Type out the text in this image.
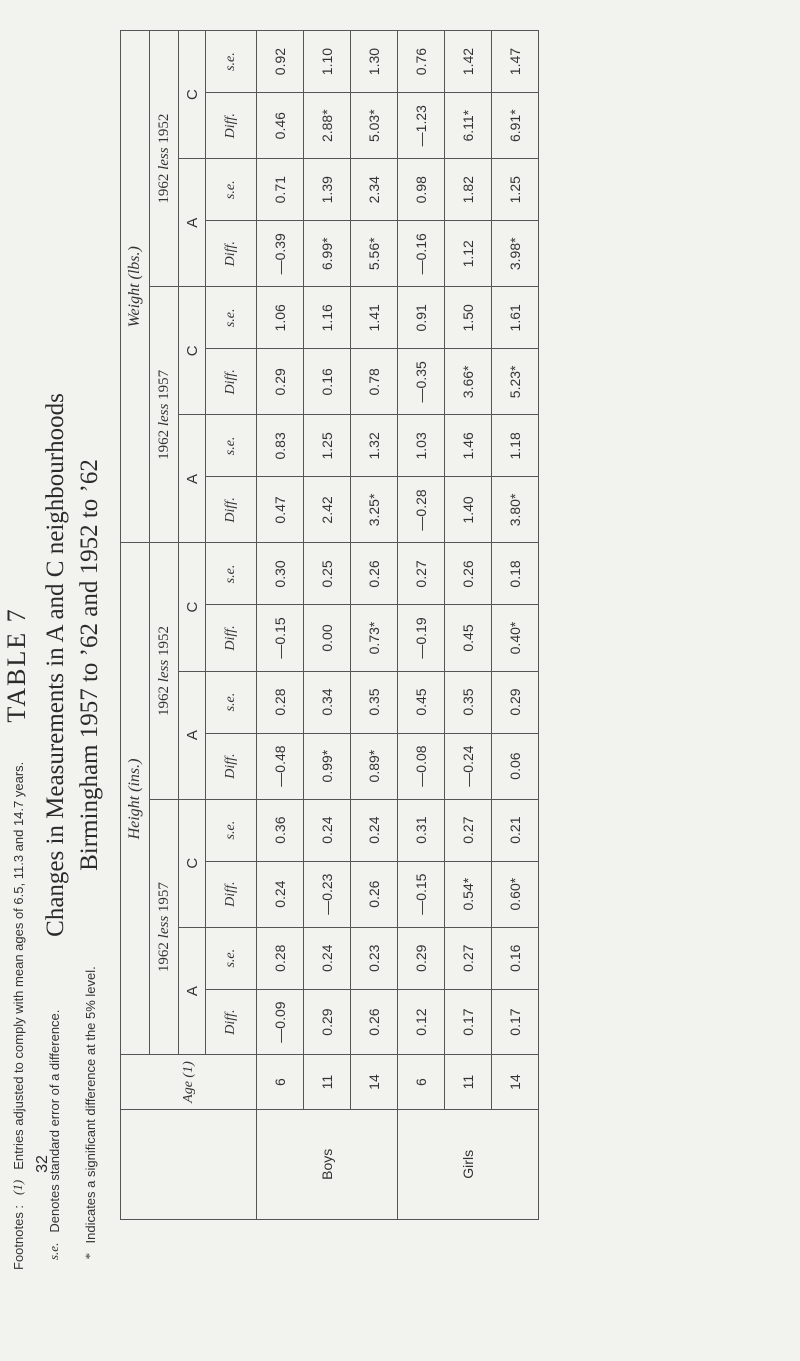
TABLE 7 Changes in Measurements in A and C neighbourhoods Birmingham 1957 to ’62 and 1952 to ’62
	Age (1)	Height (ins.)								Weight (lbs.)							
		1962 less 1957				1962 less 1952				1962 less 1957				1962 less 1952			
		A		C		A		C		A		C		A		C	
		Diff.	s.e.	Diff.	s.e.	Diff.	s.e.	Diff.	s.e.	Diff.	s.e.	Diff.	s.e.	Diff.	s.e.	Diff.	s.e.
Boys	6	—0.09	0.28	0.24	0.36	—0.48	0.28	—0.15	0.30	0.47	0.83	0.29	1.06	—0.39	0.71	0.46	0.92
	11	0.29	0.24	—0.23	0.24	0.99*	0.34	0.00	0.25	2.42	1.25	0.16	1.16	6.99*	1.39	2.88*	1.10
	14	0.26	0.23	0.26	0.24	0.89*	0.35	0.73*	0.26	3.25*	1.32	0.78	1.41	5.56*	2.34	5.03*	1.30
Girls	6	0.12	0.29	—0.15	0.31	—0.08	0.45	—0.19	0.27	—0.28	1.03	—0.35	0.91	—0.16	0.98	—1.23	0.76
	11	0.17	0.27	0.54*	0.27	—0.24	0.35	0.45	0.26	1.40	1.46	3.66*	1.50	1.12	1.82	6.11*	1.42
	14	0.17	0.16	0.60*	0.21	0.06	0.29	0.40*	0.18	3.80*	1.18	5.23*	1.61	3.98*	1.25	6.91*	1.47
32
Footnotes :
(1)
Entries adjusted to comply with mean ages of 6.5, 11.3 and 14.7 years.
s.e.
Denotes standard error of a difference.
*
Indicates a significant difference at the 5% level.
